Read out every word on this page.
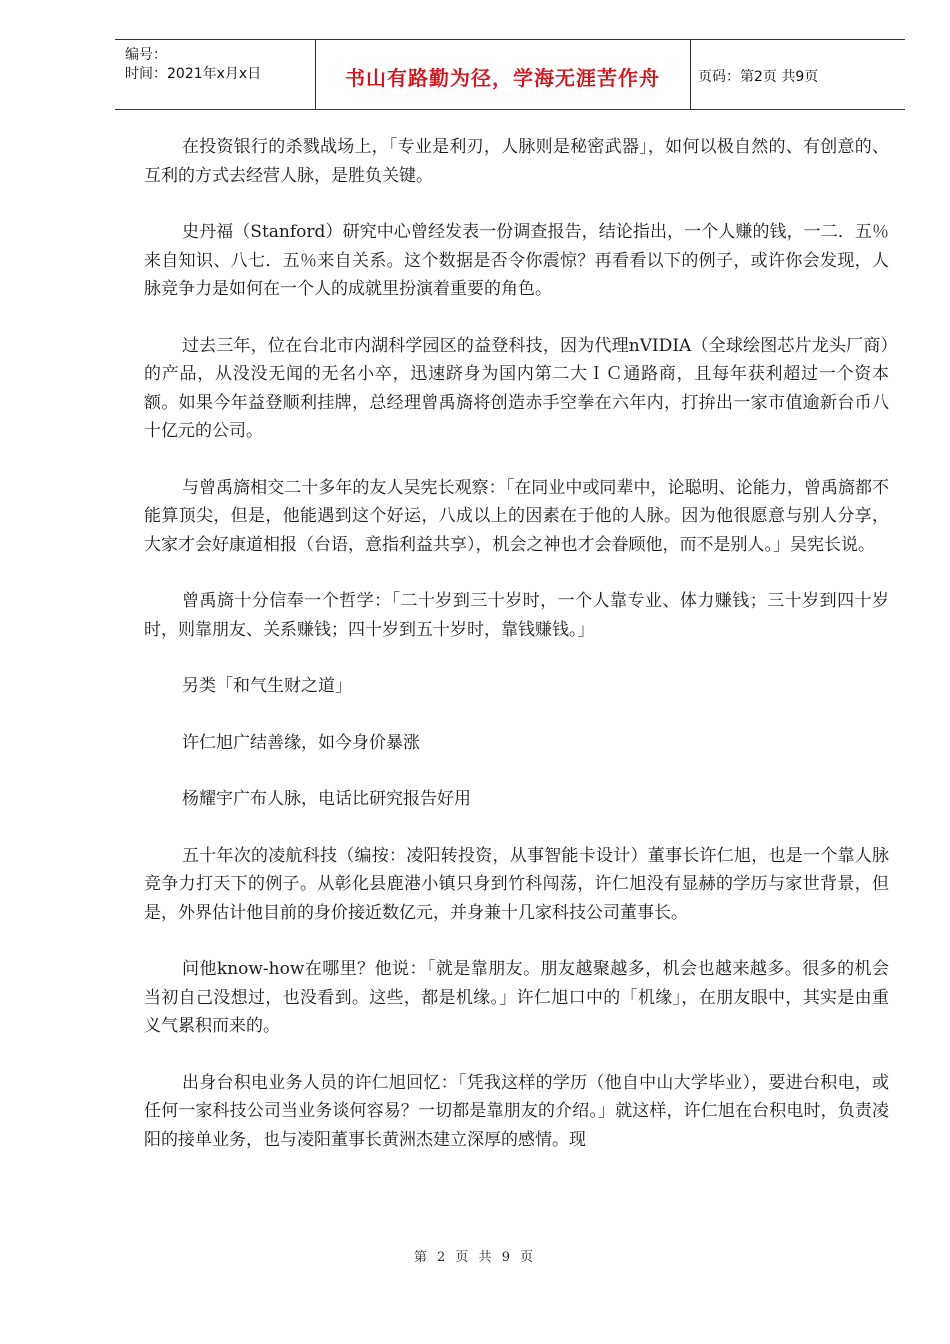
编号：
时间：2021年x月x日	书山有路勤为径，学海无涯苦作舟	页码：第2页 共9页

在投资银行的杀戮战场上，「专业是利刃，人脉则是秘密武器」，如何以极自然的、有创意的、互利的方式去经营人脉，是胜负关键。

史丹福（Stanford）研究中心曾经发表一份调查报告，结论指出，一个人赚的钱，一二．五％来自知识、八七．五％来自关系。这个数据是否令你震惊？再看看以下的例子，或许你会发现，人脉竞争力是如何在一个人的成就里扮演着重要的角色。

过去三年，位在台北市内湖科学园区的益登科技，因为代理nVIDIA（全球绘图芯片龙头厂商）的产品，从没没无闻的无名小卒，迅速跻身为国内第二大ＩＣ通路商，且每年获利超过一个资本额。如果今年益登顺利挂牌，总经理曾禹旖将创造赤手空拳在六年内，打拚出一家市值逾新台币八十亿元的公司。

与曾禹旖相交二十多年的友人吴宪长观察：「在同业中或同辈中，论聪明、论能力，曾禹旖都不能算顶尖，但是，他能遇到这个好运，八成以上的因素在于他的人脉。因为他很愿意与别人分享，大家才会好康道相报（台语，意指利益共享），机会之神也才会眷顾他，而不是别人。」吴宪长说。

曾禹旖十分信奉一个哲学：「二十岁到三十岁时，一个人靠专业、体力赚钱；三十岁到四十岁时，则靠朋友、关系赚钱；四十岁到五十岁时，靠钱赚钱。」

另类「和气生财之道」

许仁旭广结善缘，如今身价暴涨

杨耀宇广布人脉，电话比研究报告好用

五十年次的凌航科技（编按：凌阳转投资，从事智能卡设计）董事长许仁旭，也是一个靠人脉竞争力打天下的例子。从彰化县鹿港小镇只身到竹科闯荡，许仁旭没有显赫的学历与家世背景，但是，外界估计他目前的身价接近数亿元，并身兼十几家科技公司董事长。

问他know-how在哪里？他说：「就是靠朋友。朋友越聚越多，机会也越来越多。很多的机会当初自己没想过，也没看到。这些，都是机缘。」许仁旭口中的「机缘」，在朋友眼中，其实是由重义气累积而来的。

出身台积电业务人员的许仁旭回忆：「凭我这样的学历（他自中山大学毕业），要进台积电，或任何一家科技公司当业务谈何容易？一切都是靠朋友的介绍。」就这样，许仁旭在台积电时，负责凌阳的接单业务，也与凌阳董事长黄洲杰建立深厚的感情。现

第 2 页 共 9 页
